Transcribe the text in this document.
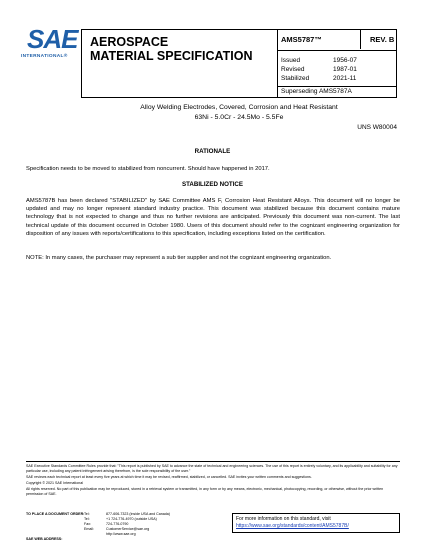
SAE
INTERNATIONAL®
AEROSPACE
MATERIAL SPECIFICATION
AMS5787™	REV. B
Issued
Revised
Stabilized
1956-07
1987-01
2021-11
Superseding AMS5787A
Alloy Welding Electrodes, Covered, Corrosion and Heat Resistant
63Ni - 5.0Cr - 24.5Mo - 5.5Fe
UNS W80004
RATIONALE
Specification needs to be moved to stabilized from noncurrent. Should have happened in 2017.
STABILIZED NOTICE
AMS5787B has been declared "STABILIZED" by SAE Committee AMS F, Corrosion Heat Resistant Alloys. This document will no longer be updated and may no longer represent standard industry practice. This document was stabilized because this document contains mature technology that is not expected to change and thus no further revisions are anticipated. Previously this document was non-current. The last technical update of this document occurred in October 1980. Users of this document should refer to the cognizant engineering organization for disposition of any issues with reports/certifications to this specification, including exceptions listed on the certification.
NOTE: In many cases, the purchaser may represent a sub tier supplier and not the cognizant engineering organization.
SAE Executive Standards Committee Rules provide that: "This report is published by SAE to advance the state of technical and engineering sciences. The use of this report is entirely voluntary, and its applicability and suitability for any particular use, including any patent infringement arising therefrom, is the sole responsibility of the user."
SAE reviews each technical report at least every five years at which time it may be revised, reaffirmed, stabilized, or cancelled. SAE invites your written comments and suggestions.
Copyright © 2021 SAE International
All rights reserved. No part of this publication may be reproduced, stored in a retrieval system or transmitted, in any form or by any means, electronic, mechanical, photocopying, recording, or otherwise, without the prior written permission of SAE.
TO PLACE A DOCUMENT ORDER: Tel:
Tel:
Fax:
Email:
877-606-7323 (inside USA and Canada)
+1 724-776-4970 (outside USA)
724-776-0790
CustomerService@sae.org
http://www.sae.org
SAE WEB ADDRESS:
For more information on this standard, visit
https://www.sae.org/standards/content/AMS5787B/
